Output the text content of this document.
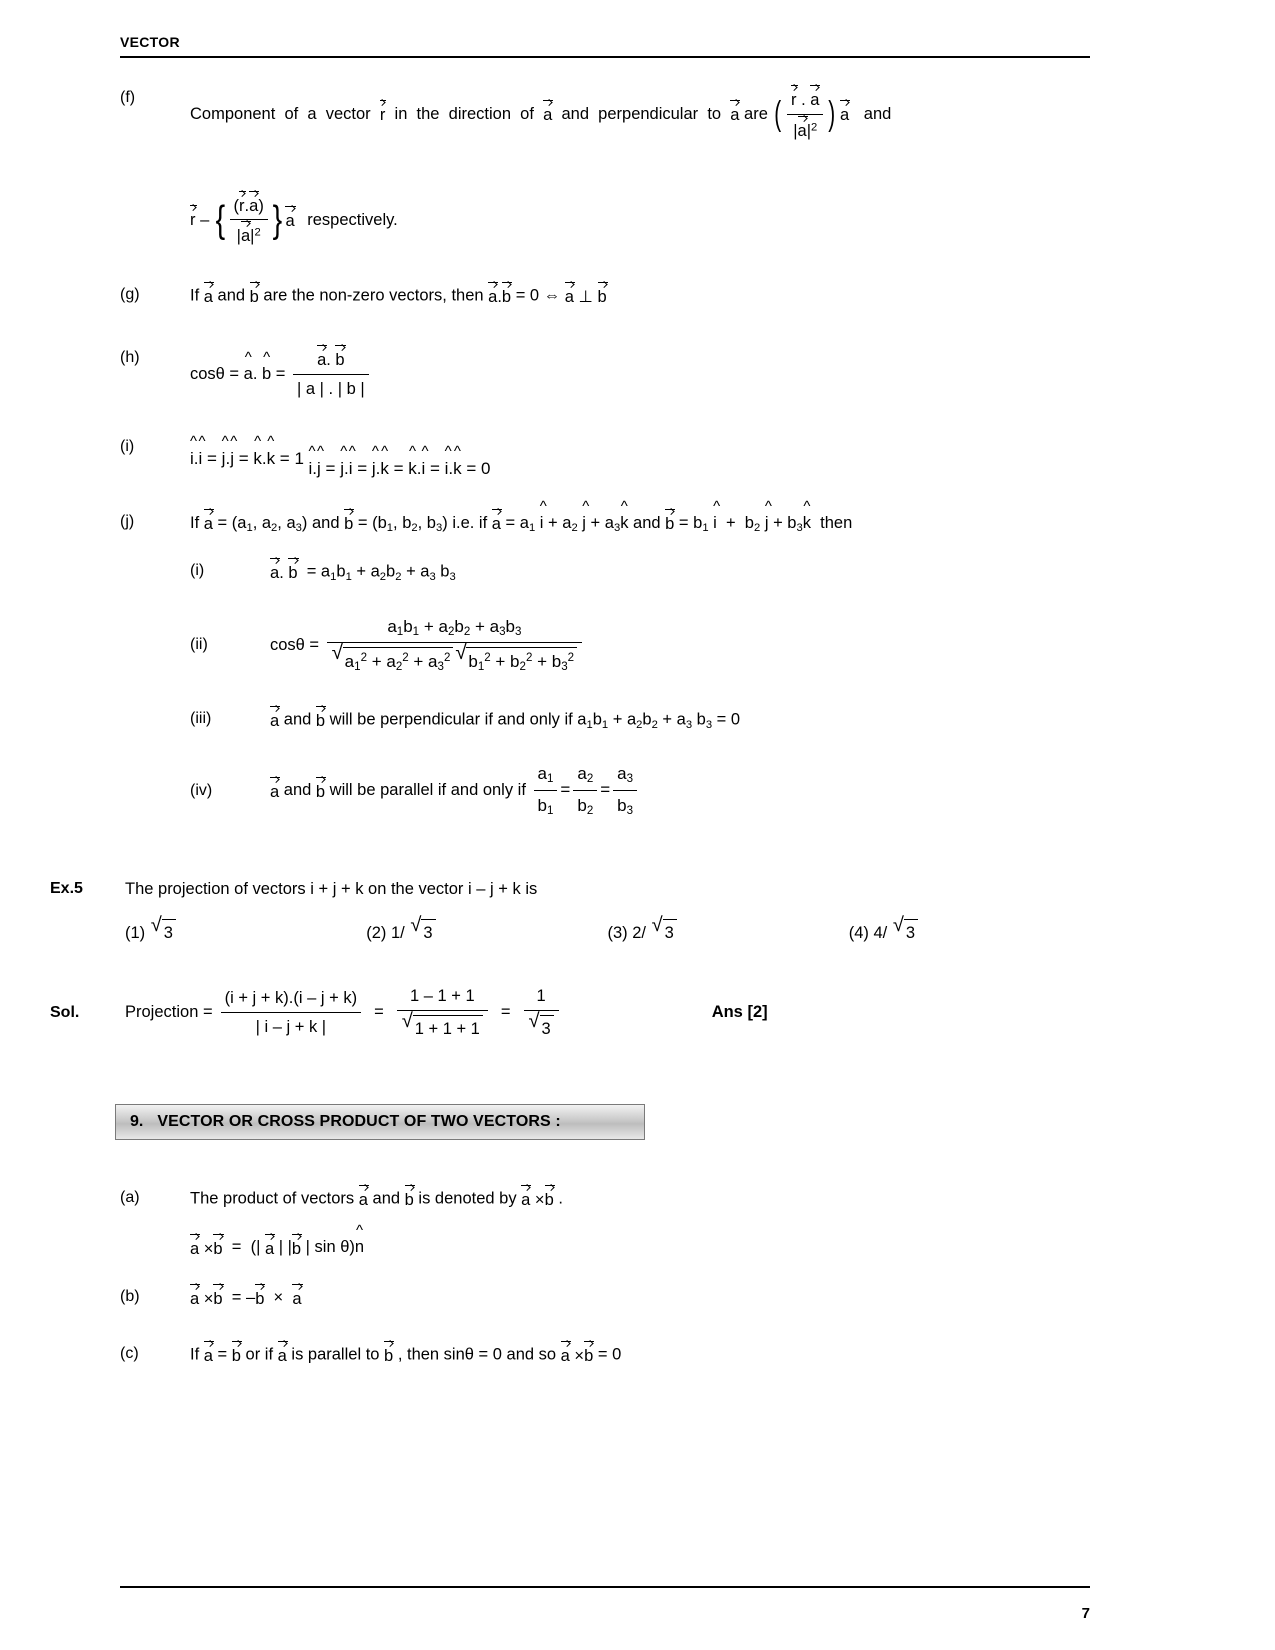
VECTOR
(f)
Component  of  a  vector  r  in  the  direction  of  a  and  perpendicular  to  a are ( $\frac{r . a}{|a|^2}$ ) a and
r – { $\frac{(r.a)}{|a|^2}$ } a respectively.
(g)	If a and b are the non-zero vectors, then a.b = 0 ⇔ a ⊥ b
(h)
cosθ = ^ a. ^ $b = \frac{a. b}{| a | . | b |}$
(i)
^ i.^ i = ^ j.^ j = ^ k.^ k = 1 ^ i.^ j = ^ j.^ i = ^ j.^ k = ^ k.^ i = ^ i.^ k = 0
(j)	If $a = (a_1$, $a_2$, $a_3$) and $b = (b_1$, $b_2$, $b_3$) i.e. if $a = a_1$ ^ $i + a_2$ ^ $j + a_3\^{}$ k and $b = b_1$ ^ $i + b_2$ ^ $j + b_3\^{}$ k  then
(i)	a. $b = a_1b_1 + a_2b_2 + a_3$ $b_3$
(ii)	$\cos\theta = a_1b_1 + a_2b_2 + a_3b_3$
√ $a_1^2 + a_2^2 + a_3^2$ √ $b_1^2 + b_2^2 + b_3^2$
(iii)	a and b will be perpendicular if and only if $a_1b_1 + a_2b_2 + a_3$ $b_3 = 0$
(iv)	a and b will be parallel if and only if $\frac{a_1}{b_1} = \frac{a_2}{b_2} = \frac{a_3}{b_3}$
Ex.5	The projection of vectors i + j + k on the vector i – j + k is
(1) √ 3	(2) 1/ √ 3	(3) 2/ √ 3	(4) 4/ √ 3
Sol.	Projection = $\frac{(i + j + k).(i - j + k)}{| i - j + k |} = 1 - 1 + 1$
√ 1 + 1 + 1 = 1
√ 3	Ans [2]
9. VECTOR OR CROSS PRODUCT OF TWO VECTORS :
(a)	The product of vectors a and b is denoted by a ×b .
a ×b  =  (| a | |b | sin θ)^ n
(b)	a ×b  = –b  ×  a
(c)	If a = b or if a is parallel to b , then sinθ = 0 and so a ×b = 0
7
